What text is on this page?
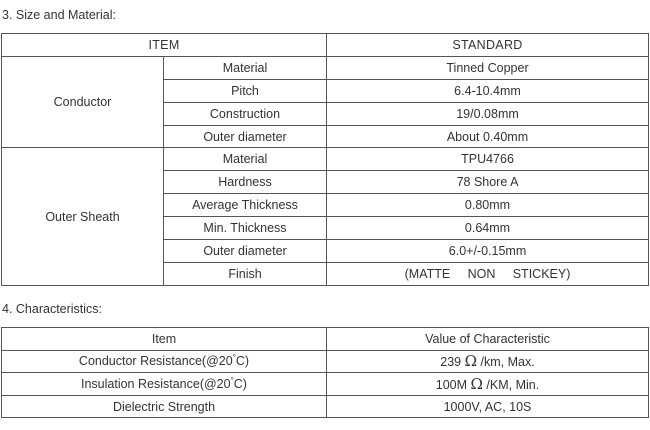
3. Size and Material:
ITEM		STANDARD
Conductor	Material	Tinned Copper
	Pitch	6.4-10.4mm
	Construction	19/0.08mm
	Outer diameter	About 0.40mm
Outer Sheath	Material	TPU4766
	Hardness	78 Shore A
	Average Thickness	0.80mm
	Min. Thickness	0.64mm
	Outer diameter	6.0+/-0.15mm
	Finish	(MATTE     NON     STICKEY)
4. Characteristics:
Item	Value of Characteristic
Conductor Resistance(@20°C)	239 Ω /km, Max.
Insulation Resistance(@20°C)	100M Ω /KM, Min.
Dielectric Strength	1000V, AC, 10S
